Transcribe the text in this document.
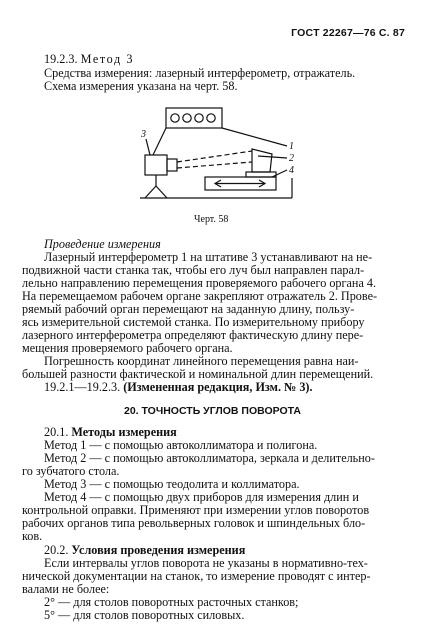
ГОСТ 22267—76 С. 87
19.2.3. Метод 3
Средства измерения: лазерный интерферометр, отражатель.
Схема измерения указана на черт. 58.
1
2
3
4
Черт. 58
Проведение измерения
Лазерный интерферометр 1 на штативе 3 устанавливают на не-
подвижной части станка так, чтобы его луч был направлен парал-
лельно направлению перемещения проверяемого рабочего органа 4.
На перемещаемом рабочем органе закрепляют отражатель 2. Прове-
ряемый рабочий орган перемещают на заданную длину, пользу-
ясь измерительной системой станка. По измерительному прибору
лазерного интерферометра определяют фактическую длину пере-
мещения проверяемого рабочего органа.
Погрешность координат линейного перемещения равна наи-
большей разности фактической и номинальной длин перемещений.
19.2.1—19.2.3. (Измененная редакция, Изм. № 3).
20. ТОЧНОСТЬ УГЛОВ ПОВОРОТА
20.1. Методы измерения
Метод 1 — с помощью автоколлиматора и полигона.
Метод 2 — с помощью автоколлиматора, зеркала и делительно-
го зубчатого стола.
Метод 3 — с помощью теодолита и коллиматора.
Метод 4 — с помощью двух приборов для измерения длин и
контрольной оправки. Применяют при измерении углов поворотов
рабочих органов типа револьверных головок и шпиндельных бло-
ков.
20.2. Условия проведения измерения
Если интервалы углов поворота не указаны в нормативно-тех-
нической документации на станок, то измерение проводят с интер-
валами не более:
2° — для столов поворотных расточных станков;
5° — для столов поворотных силовых.
